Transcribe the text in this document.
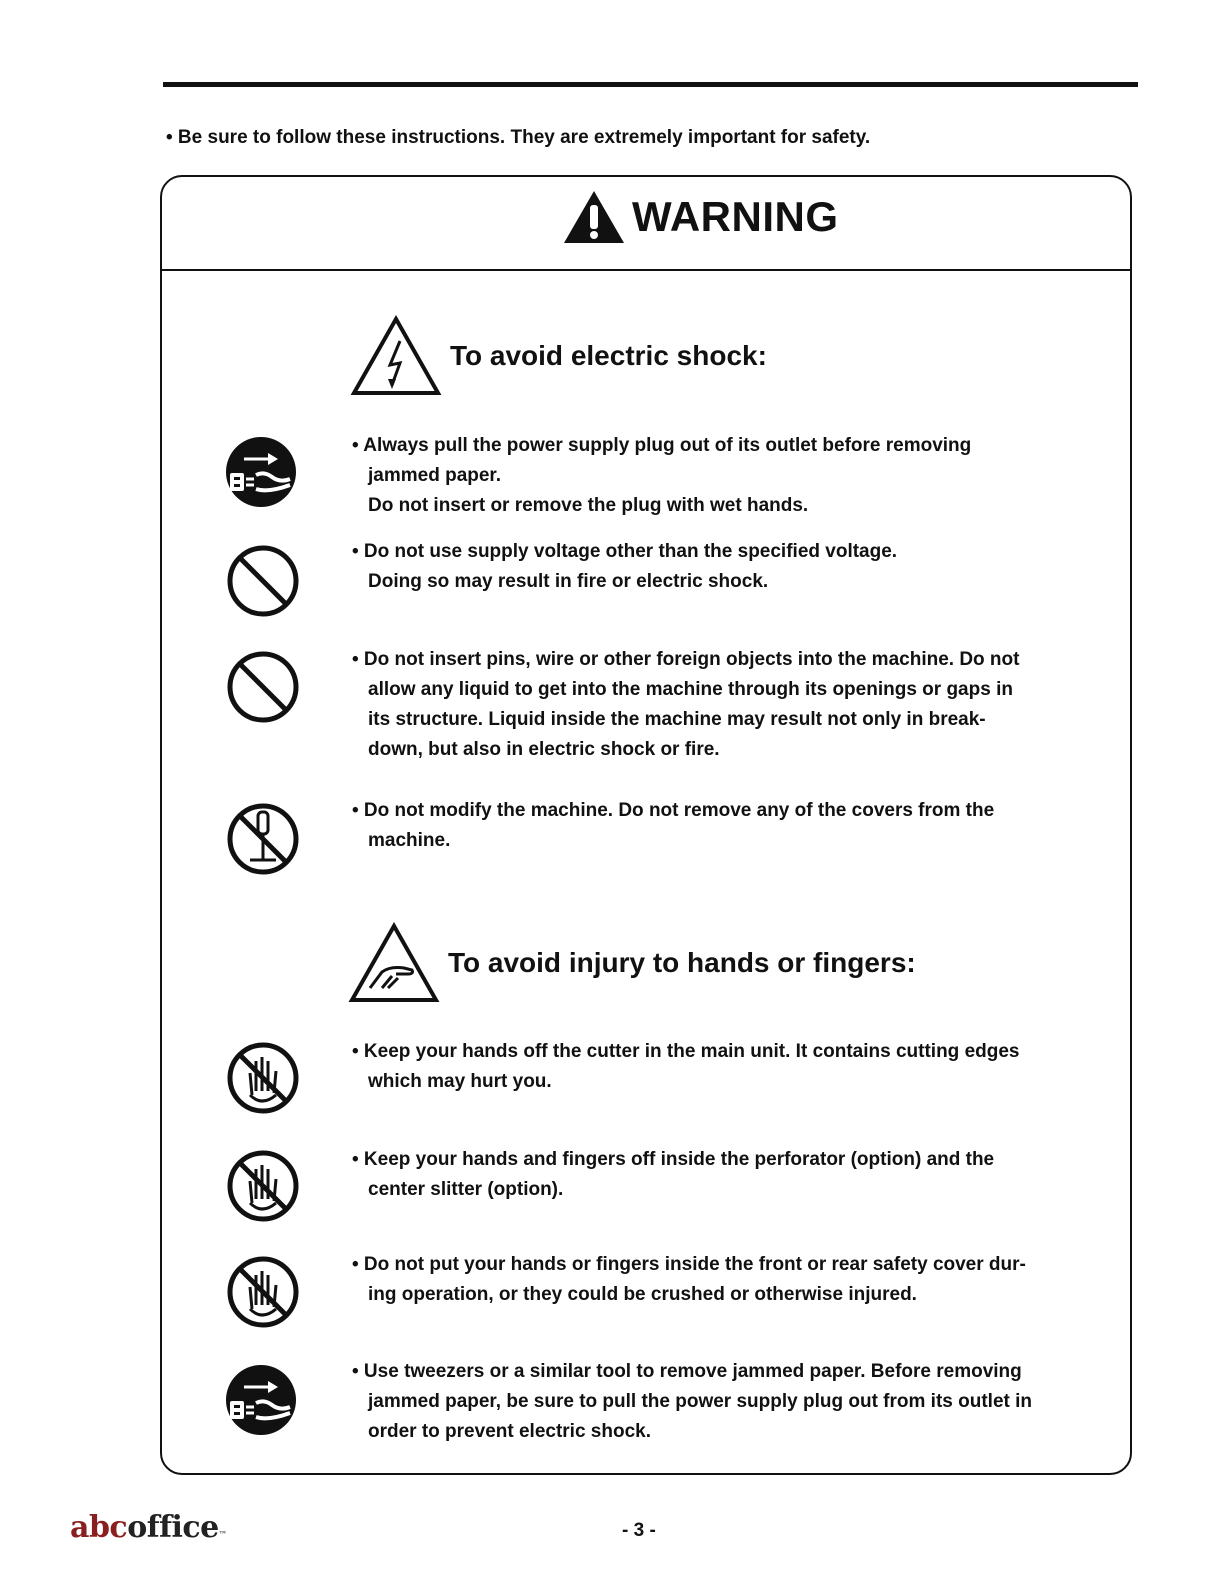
• Be sure to follow these instructions. They are extremely important for safety.
WARNING
To avoid electric shock:
To avoid injury to hands or fingers:
• Always pull the power supply plug out of its outlet before removing
jammed paper.
Do not insert or remove the plug with wet hands.
• Do not use supply voltage other than the specified voltage.
Doing so may result in fire or electric shock.
• Do not insert pins, wire or other foreign objects into the machine. Do not
allow any liquid to get into the machine through its openings or gaps in
its structure. Liquid inside the machine may result not only in break-
down, but also in electric shock or fire.
• Do not modify the machine. Do not remove any of the covers from the
machine.
• Keep your hands off the cutter in the main unit. It contains cutting edges
which may hurt you.
• Keep your hands and fingers off inside the perforator (option) and the
center slitter (option).
• Do not put your hands or fingers inside the front or rear safety cover dur-
ing operation, or they could be crushed or otherwise injured.
• Use tweezers or a similar tool to remove jammed paper. Before removing
jammed paper, be sure to pull the power supply plug out from its outlet in
order to prevent electric shock.
abcoffice™	- 3 -
